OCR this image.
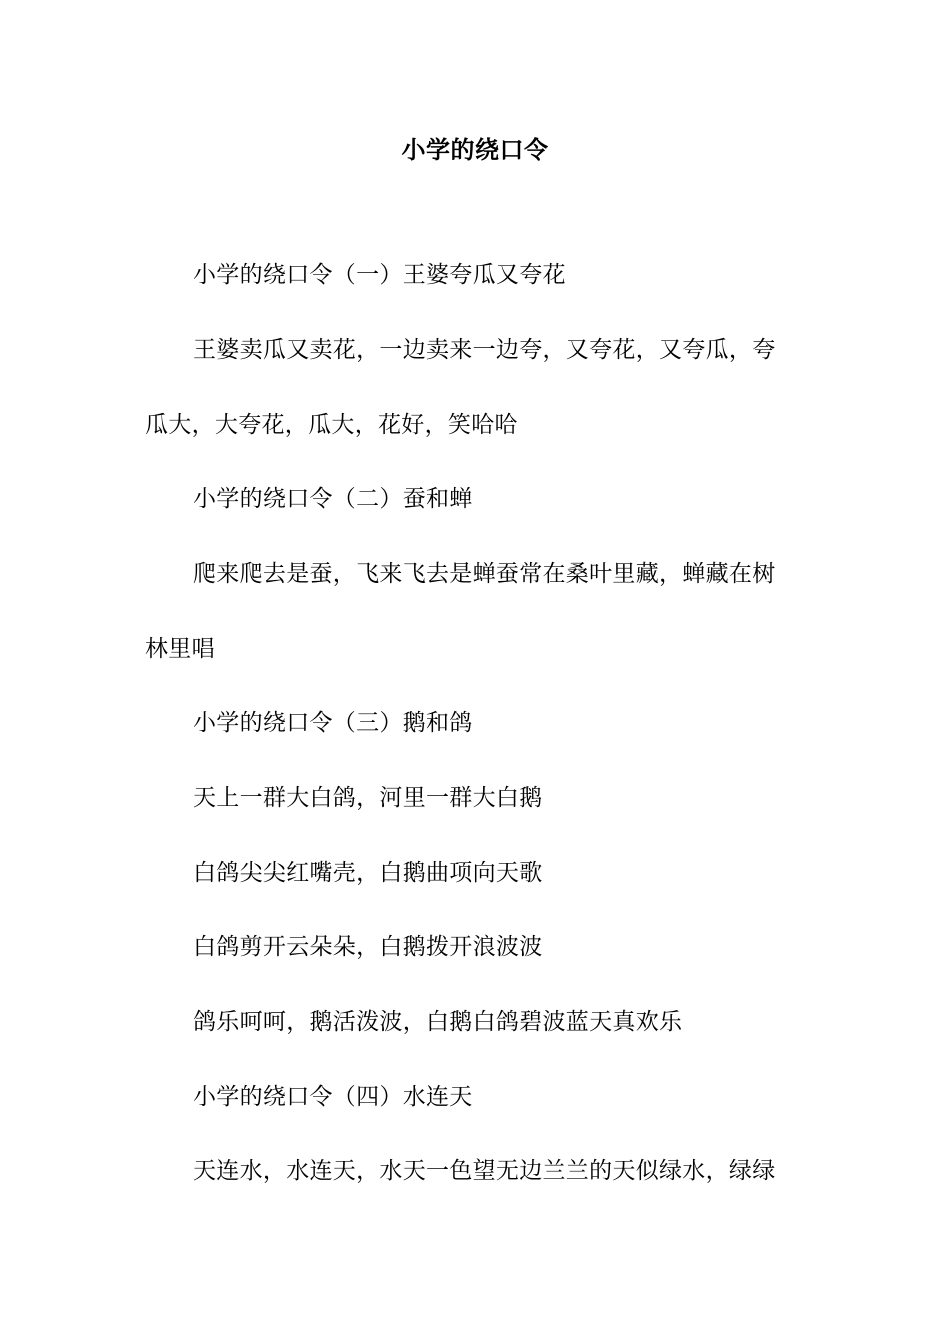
小学的绕口令
小学的绕口令（一）王婆夸瓜又夸花
王婆卖瓜又卖花，一边卖来一边夸，又夸花，又夸瓜，夸
瓜大，大夸花，瓜大，花好，笑哈哈
小学的绕口令（二）蚕和蝉
爬来爬去是蚕，飞来飞去是蝉蚕常在桑叶里藏，蝉藏在树
林里唱
小学的绕口令（三）鹅和鸽
天上一群大白鸽，河里一群大白鹅
白鸽尖尖红嘴壳，白鹅曲项向天歌
白鸽剪开云朵朵，白鹅拨开浪波波
鸽乐呵呵，鹅活泼波，白鹅白鸽碧波蓝天真欢乐
小学的绕口令（四）水连天
天连水，水连天，水天一色望无边兰兰的天似绿水，绿绿
